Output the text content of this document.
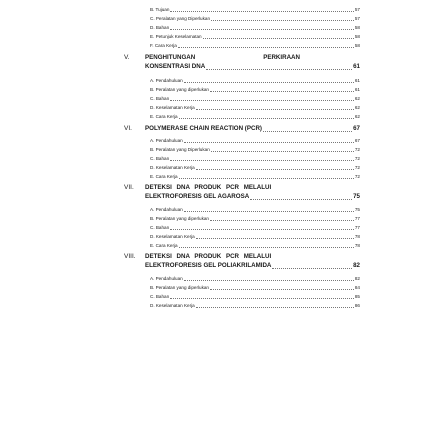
B. Tujuan	57
C. Peralatan yang Diperlukan	57
D. Bahan	58
E. Petunjuk Keselamatan	58
F. Cara Kerja	58
V. PENGHITUNGAN	PERKIRAAN
KONSENTRASI DNA	61
A. Pendahuluan	61
B. Peralatan yang diperlukan	61
C. Bahan	62
D. Keselamatan Kerja	62
E. Cara Kerja	62
VI. POLYMERASE CHAIN REACTION (PCR)	67
A. Pendahuluan	67
B. Peralatan yang Diperlukan	72
C. Bahan	72
D. Keselamatan Kerja	72
E. Cara Kerja	72
VII. DETEKSI DNA PRODUK PCR MELALUI
ELEKTROFORESIS GEL AGAROSA	75
A. Pendahuluan	75
B. Peralatan yang diperlukan	77
C. Bahan	77
D. Keselamatan Kerja	78
E. Cara Kerja	78
VIII. DETEKSI DNA PRODUK PCR MELALUI
ELEKTROFORESIS GEL POLIAKRILAMIDA	82
A. Pendahuluan	82
B. Peralatan yang diperlukan	84
C. Bahan	85
D. Keselamatan Kerja	86
